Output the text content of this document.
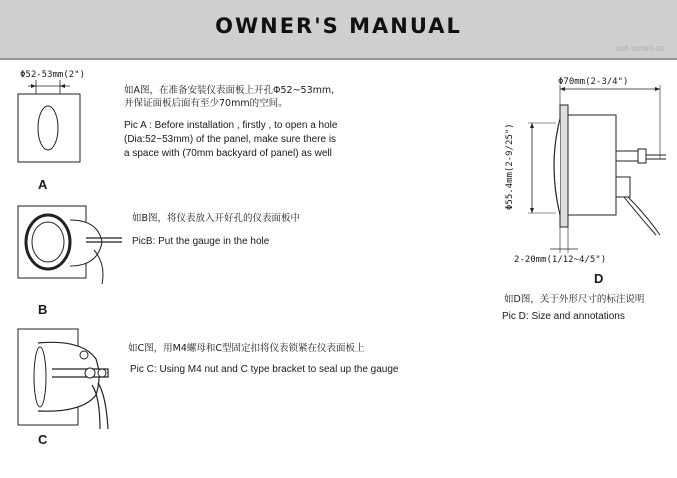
OWNER'S MANUAL
106-00080-02
Φ52-53mm(2")
A
如A图，在准备安装仪表面板上开孔Φ52~53mm,
并保证面板后面有至少70mm的空间。
Pic A : Before installation , firstly , to open a hole
(Dia:52~53mm) of the panel, make sure there is
a space with (70mm backyard of panel) as well
B
如B图，将仪表放入开好孔的仪表面板中
PicB: Put the gauge in the hole
C
如C图，用M4螺母和C型固定扣将仪表锁紧在仪表面板上
Pic C: Using M4 nut and C type bracket to seal up the gauge
Φ70mm(2-3/4")
Φ55.4mm(2-9/25")
2-20mm(1/12~4/5")
D
如D图，关于外形尺寸的标注说明
Pic D: Size and annotations
